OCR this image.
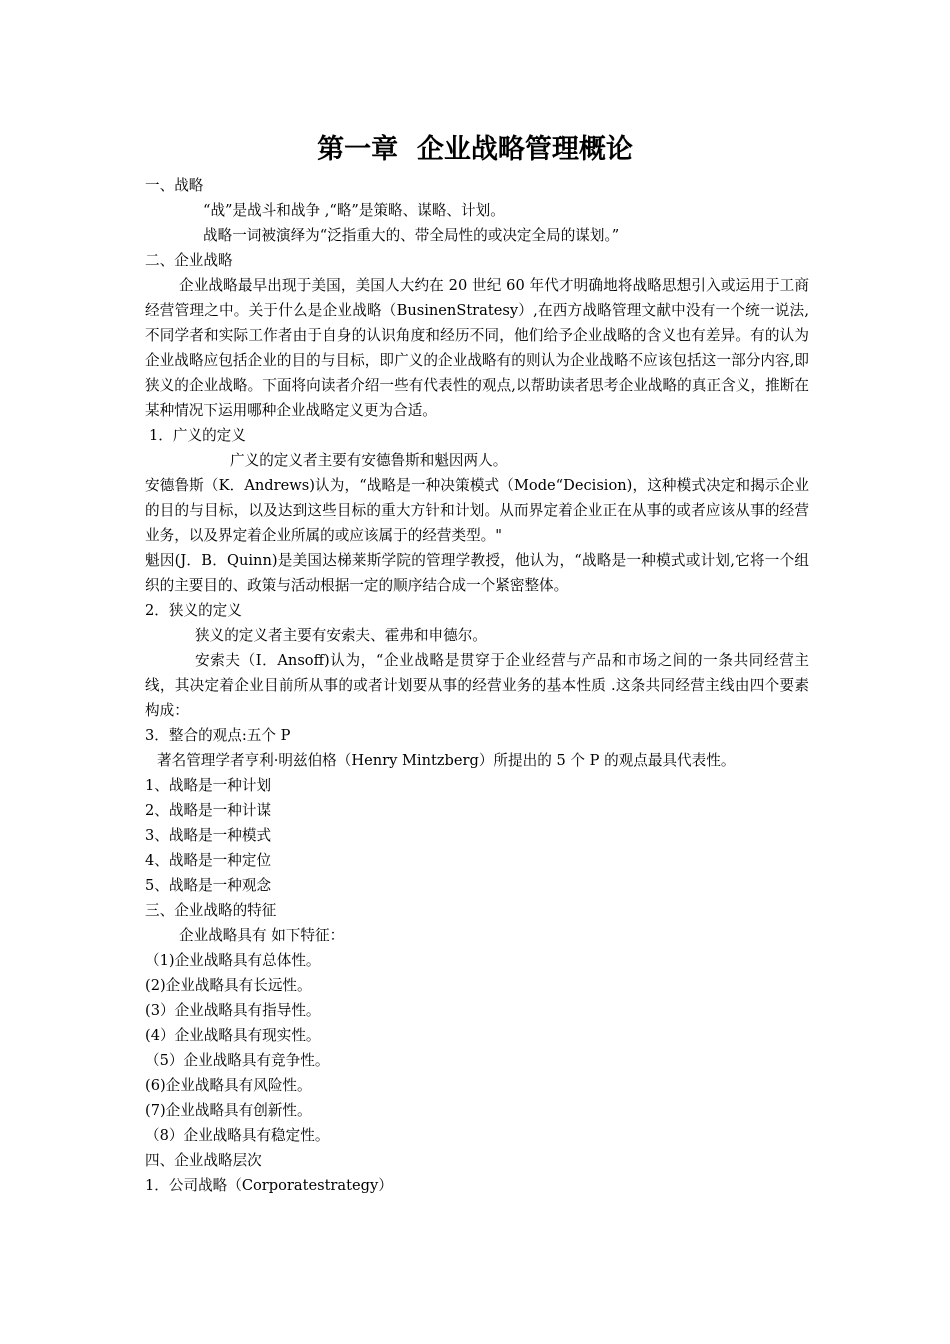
第一章  企业战略管理概论

一、战略

“战”是战斗和战争 ,“略”是策略、谋略、计划。

战略一词被演绎为“泛指重大的、带全局性的或决定全局的谋划。”

二、企业战略

企业战略最早出现于美国，美国人大约在 20 世纪 60 年代才明确地将战略思想引入或运用于工商经营管理之中。关于什么是企业战略（BusinenStratesy）,在西方战略管理文献中没有一个统一说法,不同学者和实际工作者由于自身的认识角度和经历不同，他们给予企业战略的含义也有差异。有的认为企业战略应包括企业的目的与目标，即广义的企业战略有的则认为企业战略不应该包括这一部分内容,即狭义的企业战略。下面将向读者介绍一些有代表性的观点,以帮助读者思考企业战略的真正含义，推断在某种情况下运用哪种企业战略定义更为合适。

1．广义的定义

广义的定义者主要有安德鲁斯和魁因两人。

安德鲁斯（K．Andrews)认为，“战略是一种决策模式（Mode“Decision)，这种模式决定和揭示企业的目的与目标，以及达到这些目标的重大方针和计划。从而界定着企业正在从事的或者应该从事的经营业务，以及界定着企业所属的或应该属于的经营类型。"

魁因(J．B．Quinn)是美国达梯莱斯学院的管理学教授，他认为，“战略是一种模式或计划,它将一个组织的主要目的、政策与活动根据一定的顺序结合成一个紧密整体。

2．狭义的定义

狭义的定义者主要有安索夫、霍弗和申德尔。

安索夫（I．Ansoff)认为，“企业战略是贯穿于企业经营与产品和市场之间的一条共同经营主线，其决定着企业目前所从事的或者计划要从事的经营业务的基本性质 .这条共同经营主线由四个要素构成：

3．整合的观点:五个 P

著名管理学者亨利·明兹伯格（Henry Mintzberg）所提出的 5 个 P 的观点最具代表性。

1、战略是一种计划

2、战略是一种计谋

3、战略是一种模式

4、战略是一种定位

5、战略是一种观念

三、企业战略的特征

企业战略具有 如下特征：

（1)企业战略具有总体性。

(2)企业战略具有长远性。

(3）企业战略具有指导性。

(4）企业战略具有现实性。

（5）企业战略具有竞争性。

(6)企业战略具有风险性。

(7)企业战略具有创新性。

（8）企业战略具有稳定性。

四、企业战略层次

1．公司战略（Corporatestrategy）
